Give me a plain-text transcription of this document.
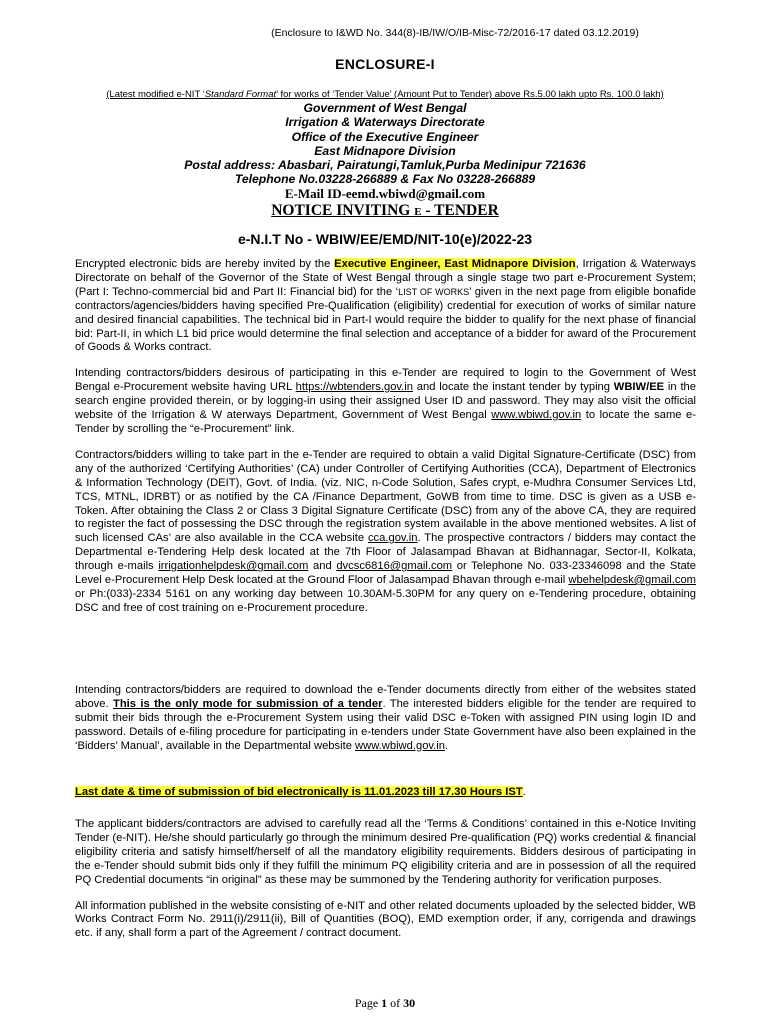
(Enclosure to I&WD No. 344(8)-IB/IW/O/IB-Misc-72/2016-17 dated 03.12.2019)
ENCLOSURE-I
(Latest modified e-NIT ‘Standard Format’ for works of ‘Tender Value’ (Amount Put to Tender) above Rs.5.00 lakh upto Rs. 100.0 lakh)
Government of West Bengal
Irrigation & Waterways Directorate
Office of the Executive Engineer
East Midnapore Division
Postal address: Abasbari, Pairatungi,Tamluk,Purba Medinipur 721636
Telephone No.03228-266889 & Fax No 03228-266889
E-Mail ID-eemd.wbiwd@gmail.com
NOTICE INVITING E - TENDER
e-N.I.T No - WBIW/EE/EMD/NIT-10(e)/2022-23

Encrypted electronic bids are hereby invited by the Executive Engineer, East Midnapore Division, Irrigation & Waterways Directorate on behalf of the Governor of the State of West Bengal through a single stage two part e-Procurement System; (Part I: Techno-commercial bid and Part II: Financial bid) for the ‘LIST OF WORKS’ given in the next page from eligible bonafide contractors/agencies/bidders having specified Pre-Qualification (eligibility) credential for execution of works of similar nature and desired financial capabilities. The technical bid in Part-I would require the bidder to qualify for the next phase of financial bid: Part-II, in which L1 bid price would determine the final selection and acceptance of a bidder for award of the Procurement of Goods & Works contract.

Intending contractors/bidders desirous of participating in this e-Tender are required to login to the Government of West Bengal e-Procurement website having URL https://wbtenders.gov.in and locate the instant tender by typing WBIW/EE in the search engine provided therein, or by logging-in using their assigned User ID and password. They may also visit the official website of the Irrigation & W aterways Department, Government of West Bengal www.wbiwd.gov.in to locate the same e-Tender by scrolling the “e-Procurement” link.

Contractors/bidders willing to take part in the e-Tender are required to obtain a valid Digital Signature-Certificate (DSC) from any of the authorized ‘Certifying Authorities’ (CA) under Controller of Certifying Authorities (CCA), Department of Electronics & Information Technology (DEIT), Govt. of India. (viz. NIC, n-Code Solution, Safes crypt, e-Mudhra Consumer Services Ltd, TCS, MTNL, IDRBT) or as notified by the CA /Finance Department, GoWB from time to time. DSC is given as a USB e-Token. After obtaining the Class 2 or Class 3 Digital Signature Certificate (DSC) from any of the above CA, they are required to register the fact of possessing the DSC through the registration system available in the above mentioned websites. A list of such licensed CAs’ are also available in the CCA website cca.gov.in. The prospective contractors / bidders may contact the Departmental e-Tendering Help desk located at the 7th Floor of Jalasampad Bhavan at Bidhannagar, Sector-II, Kolkata, through e-mails irrigationhelpdesk@gmail.com and dvcsc6816@gmail.com or Telephone No. 033-23346098 and the State Level e-Procurement Help Desk located at the Ground Floor of Jalasampad Bhavan through e-mail wbehelpdesk@gmail.com or Ph:(033)-2334 5161 on any working day between 10.30AM-5.30PM for any query on e-Tendering procedure, obtaining DSC and free of cost training on e-Procurement procedure.

Intending contractors/bidders are required to download the e-Tender documents directly from either of the websites stated above. This is the only mode for submission of a tender. The interested bidders eligible for the tender are required to submit their bids through the e-Procurement System using their valid DSC e-Token with assigned PIN using login ID and password. Details of e-filing procedure for participating in e-tenders under State Government have also been explained in the ‘Bidders’ Manual’, available in the Departmental website www.wbiwd.gov.in.

Last date & time of submission of bid electronically is 11.01.2023 till 17.30 Hours IST.

The applicant bidders/contractors are advised to carefully read all the ‘Terms & Conditions’ contained in this e-Notice Inviting Tender (e-NIT). He/she should particularly go through the minimum desired Pre-qualification (PQ) works credential & financial eligibility criteria and satisfy himself/herself of all the mandatory eligibility requirements. Bidders desirous of participating in the e-Tender should submit bids only if they fulfill the minimum PQ eligibility criteria and are in possession of all the required PQ Credential documents “in original” as these may be summoned by the Tendering authority for verification purposes.

All information published in the website consisting of e-NIT and other related documents uploaded by the selected bidder, WB Works Contract Form No. 2911(i)/2911(ii), Bill of Quantities (BOQ), EMD exemption order, if any, corrigenda and drawings etc. if any, shall form a part of the Agreement / contract document.

Page 1 of 30
